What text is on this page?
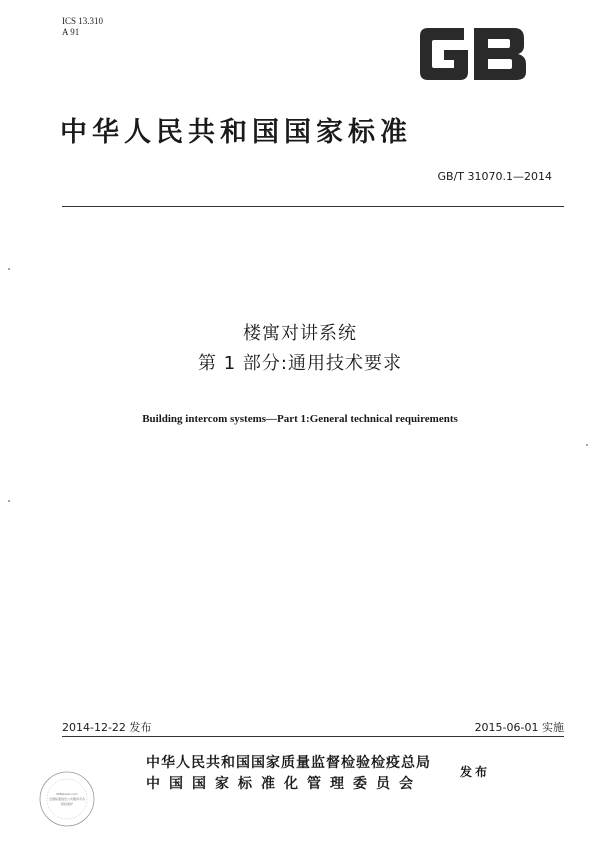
ICS 13.310
A 91
GB
中华人民共和国国家标准
GB/T 31070.1—2014
楼寓对讲系统
第 1 部分:通用技术要求
Building intercom systems—Part 1:General technical requirements
2014-12-22 发布	2015-06-01 实施
中华人民共和国国家质量监督检验检疫总局
中国国家标准化管理委员会
发布
Mitbbook.com
全国标准信息公共服务平台
版权保护
